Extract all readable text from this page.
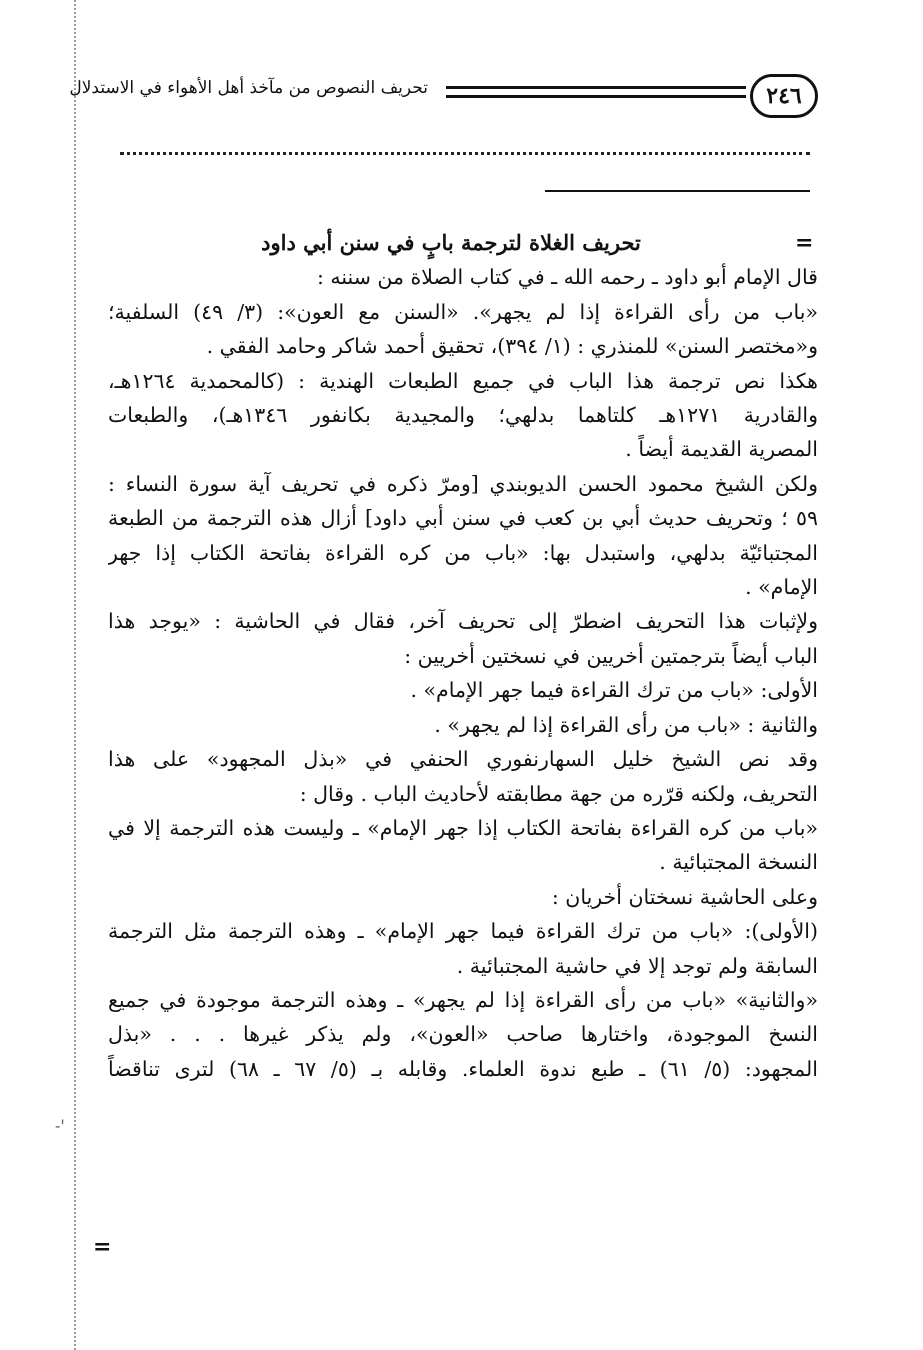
٢٤٦
تحريف النصوص من مآخذ أهل الأهواء في الاستدلال
=
=
-'
تحريف الغلاة لترجمة بابٍ في سنن أبي داود
قال الإمام أبو داود ـ رحمه الله ـ في كتاب الصلاة من سننه :
«باب من رأى القراءة إذا لم يجهر». «السنن مع العون»: (٣/ ٤٩) السلفية؛
و«مختصر السنن» للمنذري : (١/ ٣٩٤)، تحقيق أحمد شاكر وحامد الفقي .
هكذا نص ترجمة هذا الباب في جميع الطبعات الهندية : (كالمحمدية ١٢٦٤هـ،
والقادرية ١٢٧١هـ كلتاهما بدلهي؛ والمجيدية بكانفور ١٣٤٦هـ)، والطبعات
المصرية القديمة أيضاً .
ولكن الشيخ محمود الحسن الديوبندي [ومرّ ذكره في تحريف آية سورة النساء :
٥٩ ؛ وتحريف حديث أبي بن كعب في سنن أبي داود] أزال هذه الترجمة من الطبعة
المجتبائيّة بدلهي، واستبدل بها: «باب من كره القراءة بفاتحة الكتاب إذا جهر
الإمام» .
ولإثبات هذا التحريف اضطرّ إلى تحريف آخر، فقال في الحاشية : «يوجد هذا
الباب أيضاً بترجمتين أخريين في نسختين أخريين :
الأولى: «باب من ترك القراءة فيما جهر الإمام» .
والثانية : «باب من رأى القراءة إذا لم يجهر» .
وقد نص الشيخ خليل السهارنفوري الحنفي في «بذل المجهود» على هذا
التحريف، ولكنه قرّره من جهة مطابقته لأحاديث الباب . وقال :
«باب من كره القراءة بفاتحة الكتاب إذا جهر الإمام» ـ وليست هذه الترجمة إلا في
النسخة المجتبائية .
وعلى الحاشية نسختان أخريان :
(الأولى): «باب من ترك القراءة فيما جهر الإمام» ـ وهذه الترجمة مثل الترجمة
السابقة ولم توجد إلا في حاشية المجتبائية .
«والثانية» «باب من رأى القراءة إذا لم يجهر» ـ وهذه الترجمة موجودة في جميع
النسخ الموجودة، واختارها صاحب «العون»، ولم يذكر غيرها . . . «بذل
المجهود: (٥/ ٦١) ـ طبع ندوة العلماء. وقابله بـ (٥/ ٦٧ ـ ٦٨) لترى تناقضاً
